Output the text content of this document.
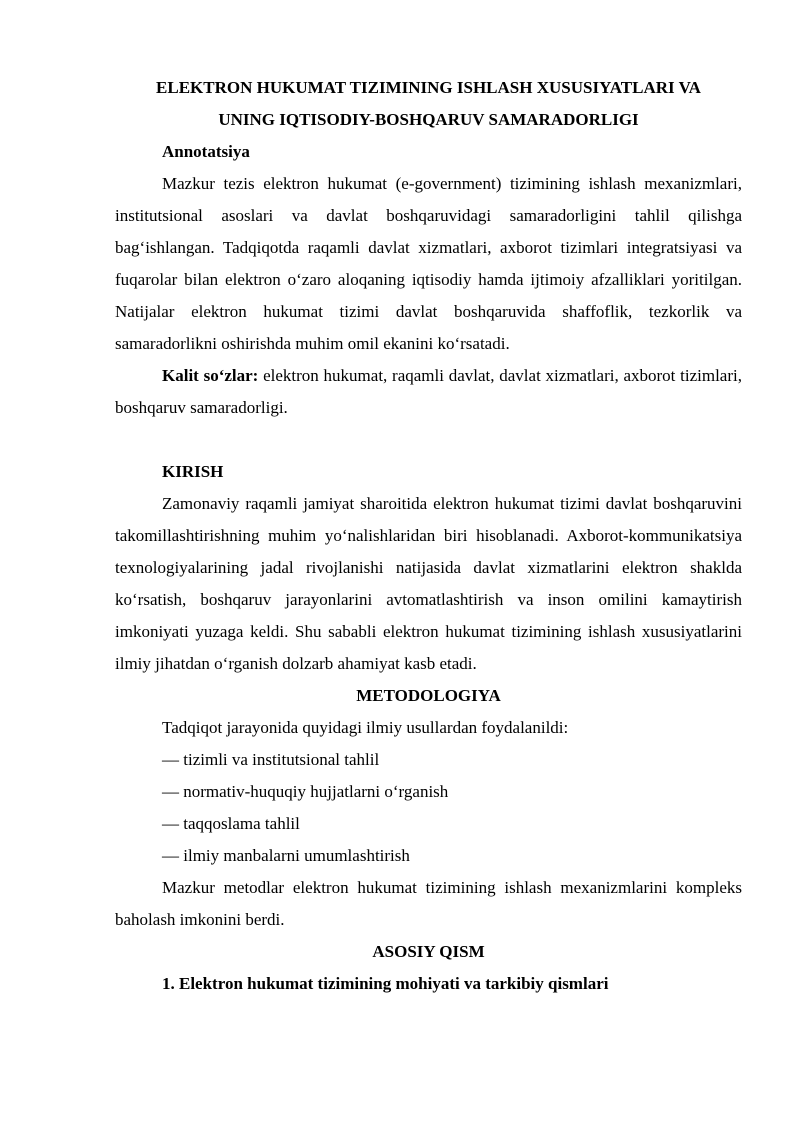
ELEKTRON HUKUMAT TIZIMINING ISHLASH XUSUSIYATLARI VA
UNING IQTISODIY-BOSHQARUV SAMARADORLIGI

Annotatsiya

Mazkur tezis elektron hukumat (e-government) tizimining ishlash mexanizmlari, institutsional asoslari va davlat boshqaruvidagi samaradorligini tahlil qilishga bag‘ishlangan. Tadqiqotda raqamli davlat xizmatlari, axborot tizimlari integratsiyasi va fuqarolar bilan elektron o‘zaro aloqaning iqtisodiy hamda ijtimoiy afzalliklari yoritilgan. Natijalar elektron hukumat tizimi davlat boshqaruvida shaffoflik, tezkorlik va samaradorlikni oshirishda muhim omil ekanini ko‘rsatadi.

Kalit so‘zlar: elektron hukumat, raqamli davlat, davlat xizmatlari, axborot tizimlari, boshqaruv samaradorligi.

KIRISH

Zamonaviy raqamli jamiyat sharoitida elektron hukumat tizimi davlat boshqaruvini takomillashtirishning muhim yo‘nalishlaridan biri hisoblanadi. Axborot-kommunikatsiya texnologiyalarining jadal rivojlanishi natijasida davlat xizmatlarini elektron shaklda ko‘rsatish, boshqaruv jarayonlarini avtomatlashtirish va inson omilini kamaytirish imkoniyati yuzaga keldi. Shu sababli elektron hukumat tizimining ishlash xususiyatlarini ilmiy jihatdan o‘rganish dolzarb ahamiyat kasb etadi.

METODOLOGIYA

Tadqiqot jarayonida quyidagi ilmiy usullardan foydalanildi:

— tizimli va institutsional tahlil

— normativ-huquqiy hujjatlarni o‘rganish

— taqqoslama tahlil

— ilmiy manbalarni umumlashtirish

Mazkur metodlar elektron hukumat tizimining ishlash mexanizmlarini kompleks baholash imkonini berdi.

ASOSIY QISM

1. Elektron hukumat tizimining mohiyati va tarkibiy qismlari
